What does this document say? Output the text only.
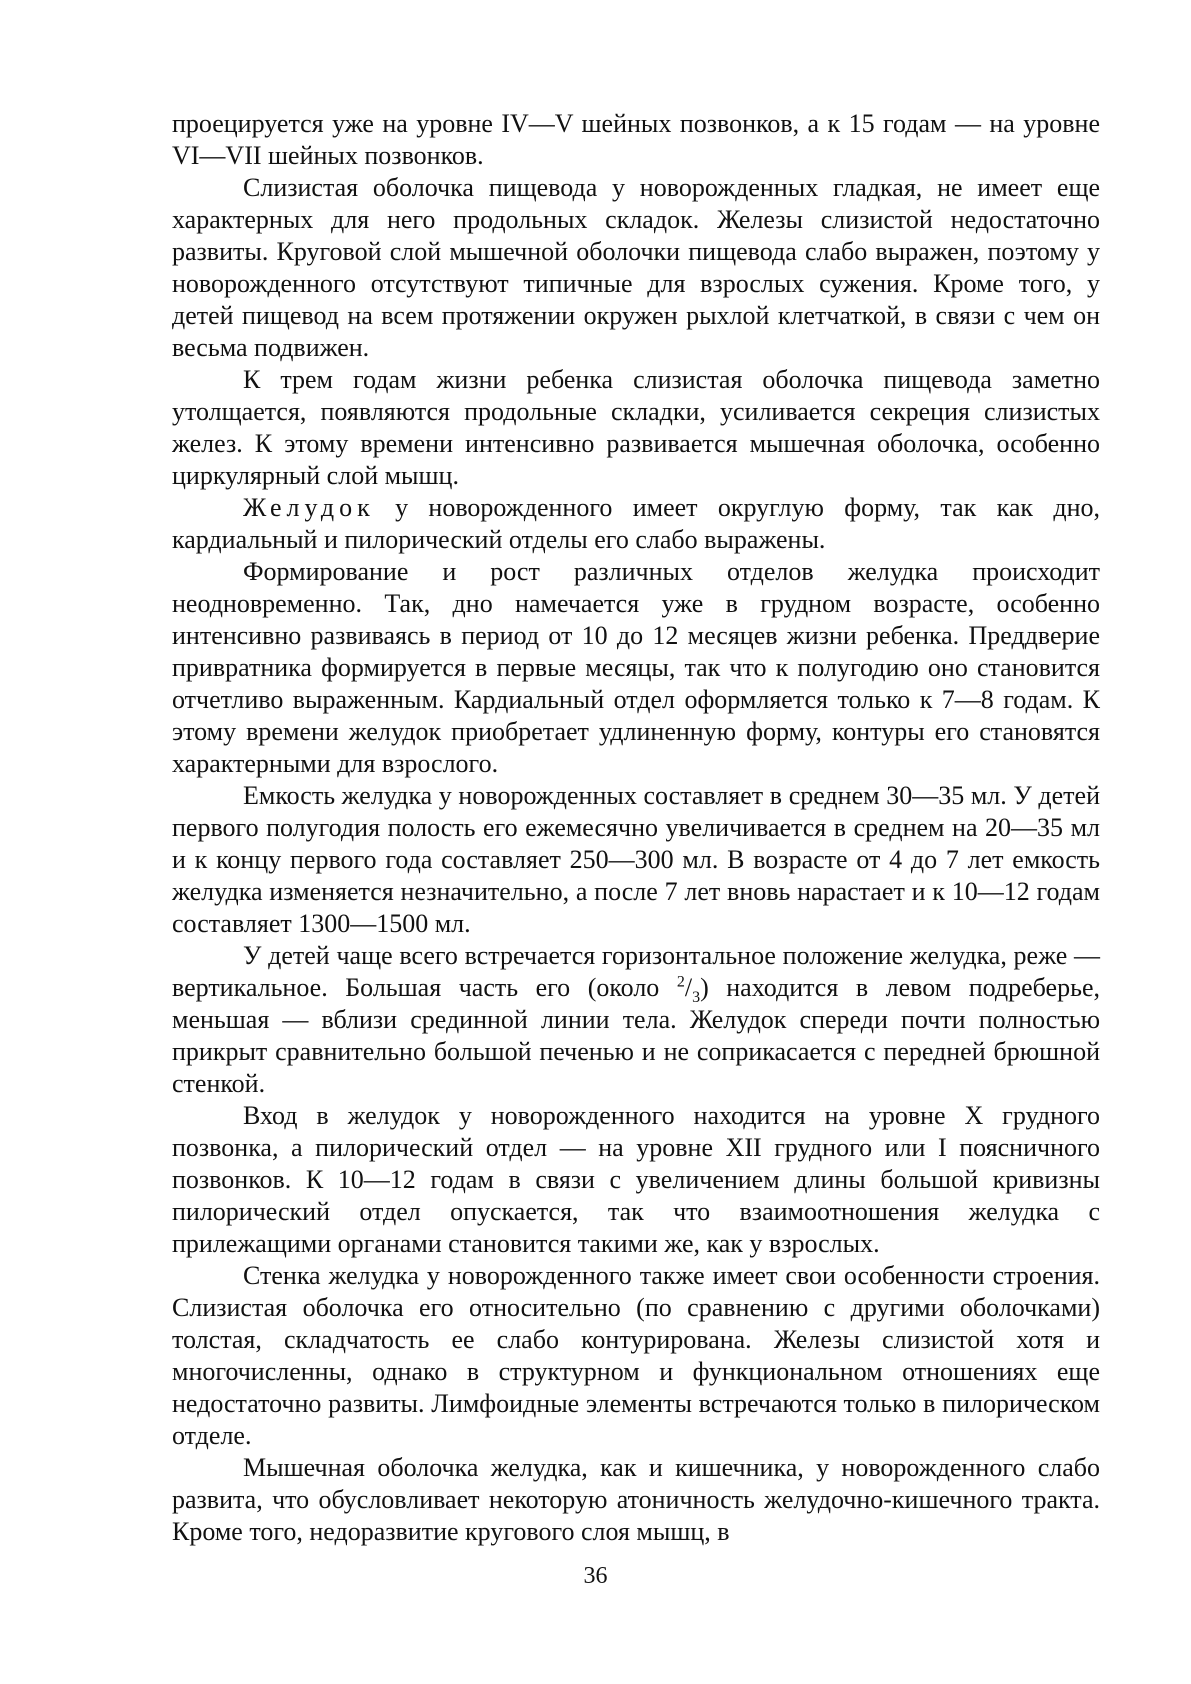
проецируется уже на уровне IV—V шейных позвонков, а к 15 годам — на уровне VI—VII шейных позвонков.

Слизистая оболочка пищевода у новорожденных гладкая, не имеет еще характерных для него продольных складок. Железы слизистой недостаточно развиты. Круговой слой мышечной оболочки пищевода слабо выражен, поэтому у новорожденного отсутствуют типичные для взрослых сужения. Кроме того, у детей пищевод на всем протяжении окружен рыхлой клетчаткой, в связи с чем он весьма подвижен.

К трем годам жизни ребенка слизистая оболочка пищевода заметно утолщается, появляются продольные складки, усиливается секреция слизистых желез. К этому времени интенсивно развивается мышечная оболочка, особенно циркулярный слой мышц.

Желудок у новорожденного имеет округлую форму, так как дно, кардиальный и пилорический отделы его слабо выражены.

Формирование и рост различных отделов желудка происходит неодновременно. Так, дно намечается уже в грудном возрасте, особенно интенсивно развиваясь в период от 10 до 12 месяцев жизни ребенка. Преддверие привратника формируется в первые месяцы, так что к полугодию оно становится отчетливо выраженным. Кардиальный отдел оформляется только к 7—8 годам. К этому времени желудок приобретает удлиненную форму, контуры его становятся характерными для взрослого.

Емкость желудка у новорожденных составляет в среднем 30—35 мл. У детей первого полугодия полость его ежемесячно увеличивается в среднем на 20—35 мл и к концу первого года составляет 250—300 мл. В возрасте от 4 до 7 лет емкость желудка изменяется незначительно, а после 7 лет вновь нарастает и к 10—12 годам составляет 1300—1500 мл.

У детей чаще всего встречается горизонтальное положение желудка, реже — вертикальное. Большая часть его (около $^2/_3$) находится в левом подреберье, меньшая — вблизи срединной линии тела. Желудок спереди почти полностью прикрыт сравнительно большой печенью и не соприкасается с передней брюшной стенкой.

Вход в желудок у новорожденного находится на уровне X грудного позвонка, а пилорический отдел — на уровне XII грудного или I поясничного позвонков. К 10—12 годам в связи с увеличением длины большой кривизны пилорический отдел опускается, так что взаимоотношения желудка с прилежащими органами становится такими же, как у взрослых.

Стенка желудка у новорожденного также имеет свои особенности строения. Слизистая оболочка его относительно (по сравнению с другими оболочками) толстая, складчатость ее слабо контурирована. Железы слизистой хотя и многочисленны, однако в структурном и функциональном отношениях еще недостаточно развиты. Лимфоидные элементы встречаются только в пилорическом отделе.

Мышечная оболочка желудка, как и кишечника, у новорожденного слабо развита, что обусловливает некоторую атоничность желудочно-кишечного тракта. Кроме того, недоразвитие кругового слоя мышц, в

36
